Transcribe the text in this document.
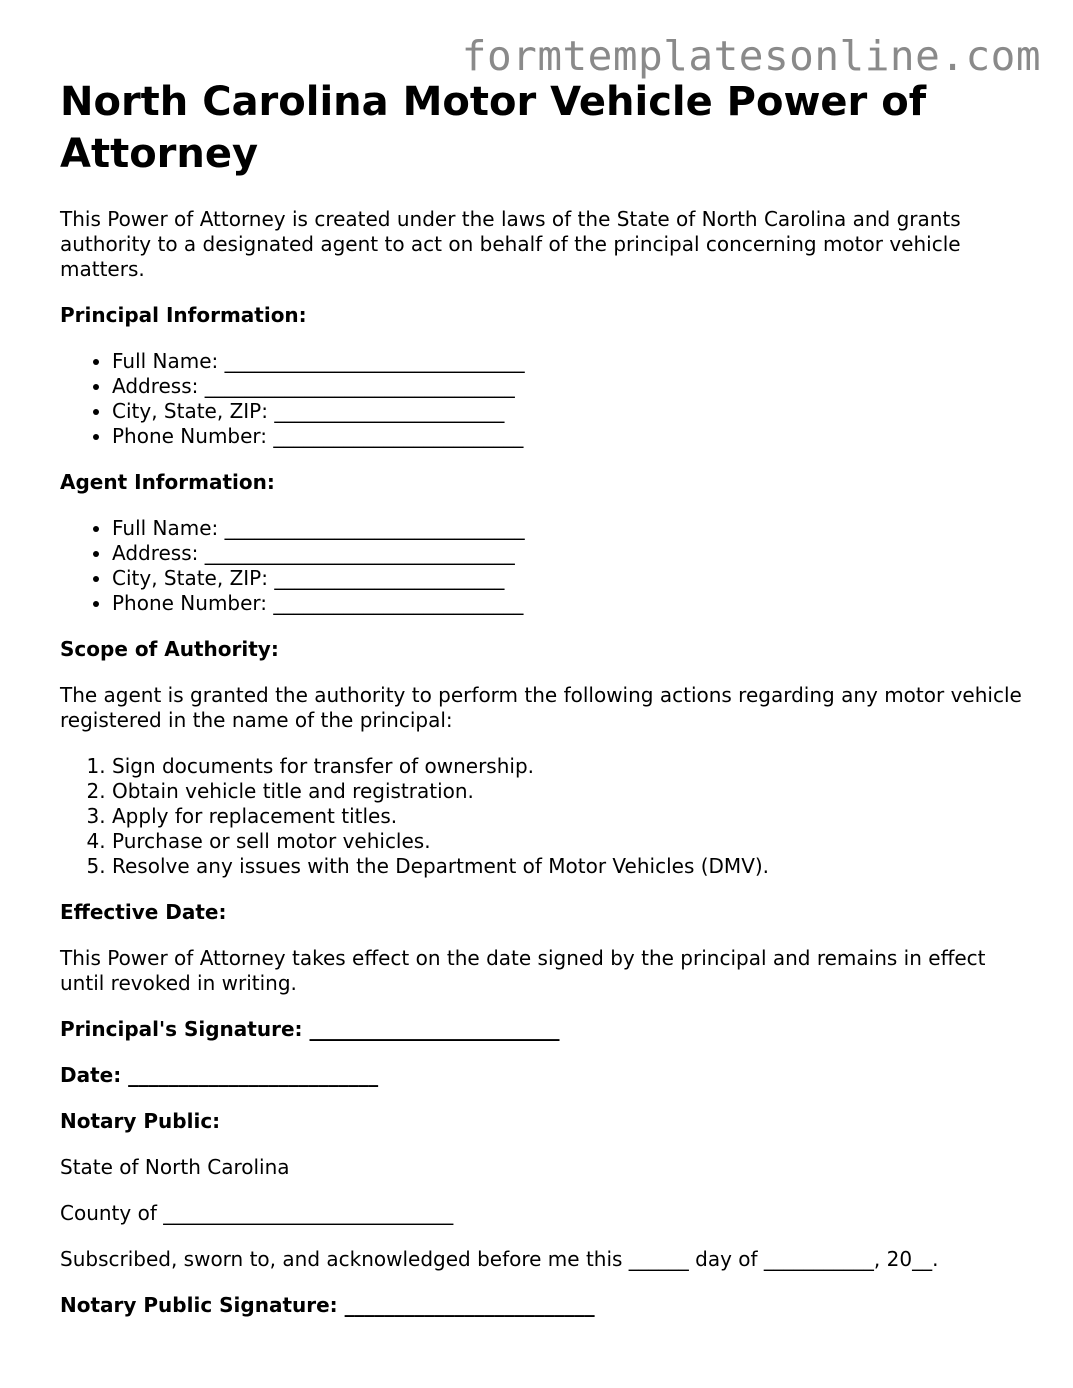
formtemplatesonline.com
North Carolina Motor Vehicle Power of Attorney

This Power of Attorney is created under the laws of the State of North Carolina and grants authority to a designated agent to act on behalf of the principal concerning motor vehicle matters.

Principal Information:

• Full Name: ______________________________
• Address: _______________________________
• City, State, ZIP: _______________________
• Phone Number: _________________________

Agent Information:

• Full Name: ______________________________
• Address: _______________________________
• City, State, ZIP: _______________________
• Phone Number: _________________________

Scope of Authority:

The agent is granted the authority to perform the following actions regarding any motor vehicle registered in the name of the principal:

1. Sign documents for transfer of ownership.
2. Obtain vehicle title and registration.
3. Apply for replacement titles.
4. Purchase or sell motor vehicles.
5. Resolve any issues with the Department of Motor Vehicles (DMV).

Effective Date:

This Power of Attorney takes effect on the date signed by the principal and remains in effect until revoked in writing.

Principal's Signature: _________________________

Date: _________________________

Notary Public:

State of North Carolina

County of _____________________________

Subscribed, sworn to, and acknowledged before me this ______ day of ___________, 20__.

Notary Public Signature: _________________________
